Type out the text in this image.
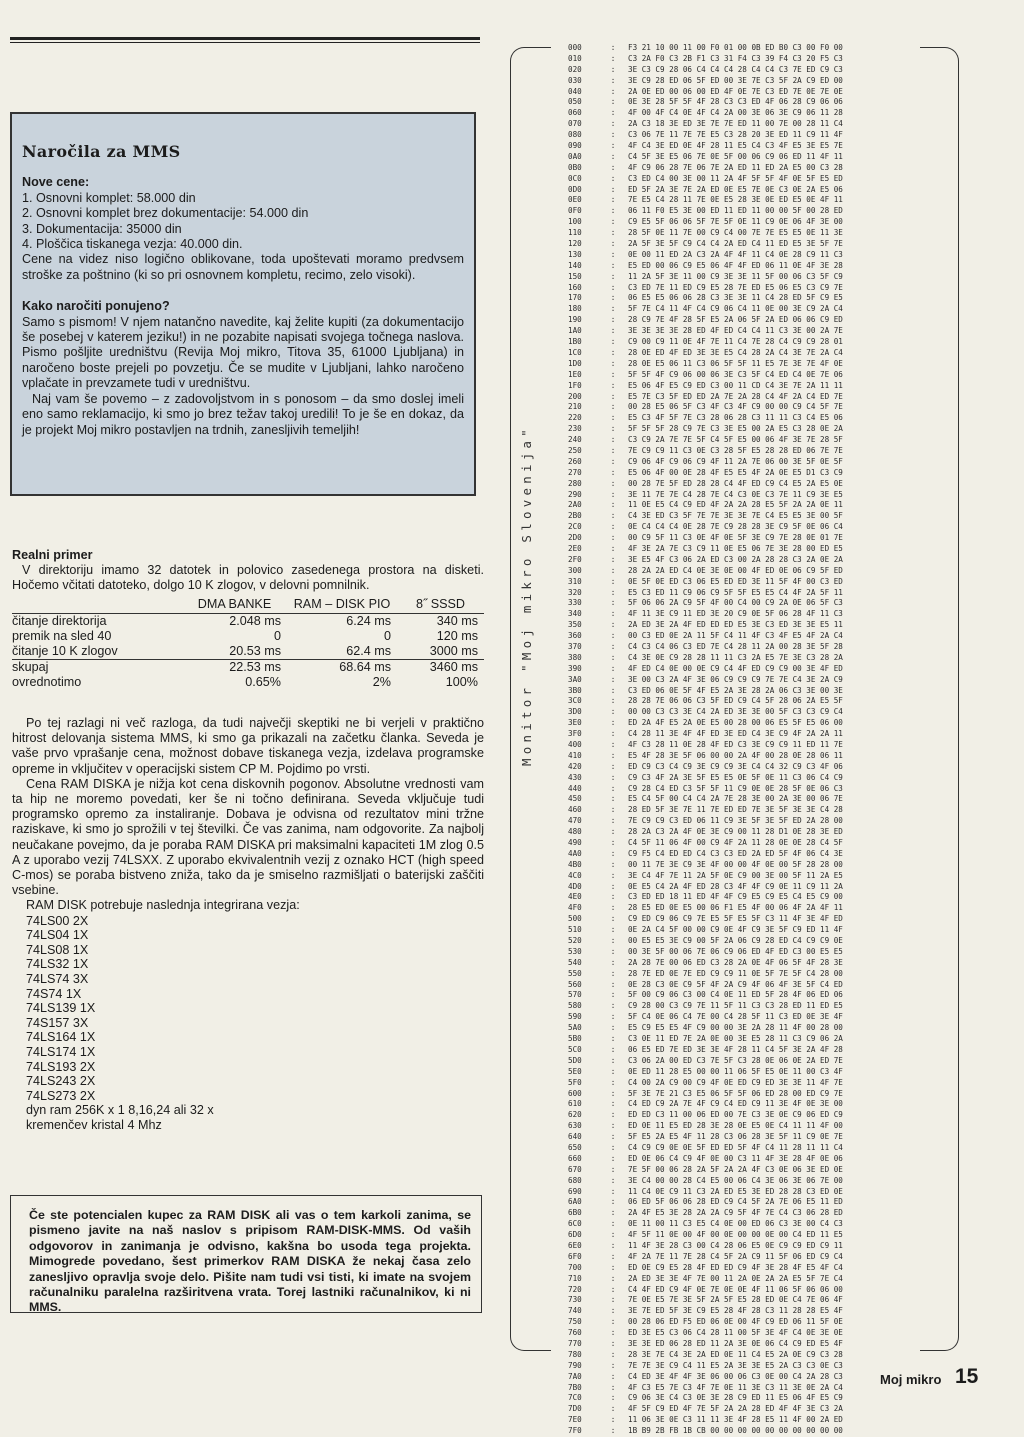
Naročila za MMS
Nove cene:
1. Osnovni komplet: 58.000 din
2. Osnovni komplet brez dokumentacije: 54.000 din
3. Dokumentacija: 35000 din
4. Ploščica tiskanega vezja: 40.000 din.
Cene na videz niso logično oblikovane, toda upoštevati moramo predvsem stroške za poštnino (ki so pri osnovnem kompletu, recimo, zelo visoki).
Kako naročiti ponujeno?
Samo s pismom! V njem natančno navedite, kaj želite kupiti (za dokumentacijo še posebej v katerem jeziku!) in ne pozabite napisati svojega točnega naslova. Pismo pošljite uredništvu (Revija Moj mikro, Titova 35, 61000 Ljubljana) in naročeno boste prejeli po povzetju. Če se mudite v Ljubljani, lahko naročeno vplačate in prevzamete tudi v uredništvu.
Naj vam še povemo – z zadovoljstvom in s ponosom – da smo doslej imeli eno samo reklamacijo, ki smo jo brez težav takoj uredili! To je še en dokaz, da je projekt Moj mikro postavljen na trdnih, zanesljivih temeljih!
Realni primer
V direktoriju imamo 32 datotek in polovico zasedenega prostora na disketi. Hočemo včitati datoteko, dolgo 10 K zlogov, v delovni pomnilnik.
	DMA BANKE	RAM – DISK PIO	8˝ SSSD
čitanje direktorija	2.048 ms	6.24 ms	340 ms
premik na sled 40	0	0	120 ms
čitanje 10 K zlogov	20.53 ms	62.4 ms	3000 ms
skupaj	22.53 ms	68.64 ms	3460 ms
ovrednotimo	0.65%	2%	100%
Po tej razlagi ni več razloga, da tudi največji skeptiki ne bi verjeli v praktično hitrost delovanja sistema MMS, ki smo ga prikazali na začetku članka. Seveda je vaše prvo vprašanje cena, možnost dobave tiskanega vezja, izdelava programske opreme in vključitev v operacijski sistem CP M. Pojdimo po vrsti.
Cena RAM DISKA je nižja kot cena diskovnih pogonov. Absolutne vrednosti vam ta hip ne moremo povedati, ker še ni točno definirana. Seveda vključuje tudi programsko opremo za instaliranje. Dobava je odvisna od rezultatov mini tržne raziskave, ki smo jo sprožili v tej številki. Če vas zanima, nam odgovorite. Za najbolj neučakane povejmo, da je poraba RAM DISKA pri maksimalni kapaciteti 1M zlog 0.5 A z uporabo vezij 74LSXX. Z uporabo ekvivalentnih vezij z oznako HCT (high speed C-mos) se poraba bistveno zniža, tako da je smiselno razmišljati o baterijski zaščiti vsebine.
RAM DISK potrebuje naslednja integrirana vezja:
74LS00 2X
74LS04 1X
74LS08 1X
74LS32 1X
74LS74 3X
74S74 1X
74LS139 1X
74S157 3X
74LS164 1X
74LS174 1X
74LS193 2X
74LS243 2X
74LS273 2X
dyn ram 256K x 1 8,16,24 ali 32 x
kremenčev kristal 4 Mhz
Če ste potencialen kupec za RAM DISK ali vas o tem karkoli zanima, se pismeno javite na naš naslov s pripisom RAM-DISK-MMS. Od vaših odgovorov in zanimanja je odvisno, kakšna bo usoda tega projekta. Mimogrede povedano, šest primerkov RAM DISKA že nekaj časa zelo zanesljivo opravlja svoje delo. Pišite nam tudi vsi tisti, ki imate na svojem računalniku paralelna razširitvena vrata. Torej lastniki računalnikov, ki ni MMS.
Monitor "Moj mikro Slovenija"
000	: F3 21 10 00 11 00 F0 01 00 0B ED B0 C3 00 F0 00
010	: C3 2A F0 C3 2B F1 C3 31 F4 C3 39 F4 C3 20 F5 C3
020	: 3E C3 C9 28 06 C4 C4 C4 28 C4 C4 C3 7E ED C9 C3
030	: 3E C9 28 ED 06 5F ED 00 3E 7E C3 5F 2A C9 ED 00
040	: 2A 0E ED 00 06 00 ED 4F 0E 7E C3 ED 7E 0E 7E 0E
050	: 0E 3E 28 5F 5F 4F 28 C3 C3 ED 4F 06 28 C9 06 06
060	: 4F 00 4F C4 0E 4F C4 2A 00 3E 06 3E C9 06 11 28
070	: 2A C3 18 3E ED 3E 7E 7E ED 11 00 7E 00 28 11 C4
080	: C3 06 7E 11 7E 7E E5 C3 28 20 3E ED 11 C9 11 4F
090	: 4F C4 3E ED 0E 4F 28 11 E5 C4 C3 4F E5 3E E5 7E
0A0	: C4 5F 3E E5 06 7E 0E 5F 00 06 C9 06 ED 11 4F 11
0B0	: 4F C9 06 28 7E 06 7E 2A ED 11 ED 2A E5 00 C3 28
0C0	: C3 ED C4 00 3E 00 11 2A 4F 5F 5F 4F 0E 5F E5 ED
0D0	: ED 5F 2A 3E 7E 2A ED 0E E5 7E 0E C3 0E 2A E5 06
0E0	: 7E E5 C4 28 11 7E 0E E5 28 3E 0E ED E5 0E 4F 11
0F0	: 06 11 F0 E5 3E 00 ED 11 ED 11 00 00 5F 00 28 ED
100	: C9 E5 5F 06 06 5F 7E 5F 0E 11 C9 0E 06 4F 3E 00
110	: 28 5F 0E 11 7E 00 C9 C4 00 7E 7E E5 E5 0E 11 3E
120	: 2A 5F 3E 5F C9 C4 C4 2A ED C4 11 ED E5 3E 5F 7E
130	: 0E 00 11 ED 2A C3 2A 4F 4F 11 C4 0E 28 C9 11 C3
140	: E5 ED 00 06 C9 E5 06 4F 4F ED 06 11 0E 4F 3E 28
150	: 11 2A 5F 3E 11 00 C9 3E 3E 11 5F 00 06 C3 5F C9
160	: C3 ED 7E 11 ED C9 E5 28 7E ED E5 06 E5 C3 C9 7E
170	: 06 E5 E5 06 06 28 C3 3E 3E 11 C4 28 ED 5F C9 E5
180	: 5F 7E C4 11 4F C4 C9 06 C4 11 0E 00 3E C9 2A C4
190	: 28 C9 7E 4F 28 5F E5 2A 06 5F 2A ED 06 06 C9 ED
1A0	: 3E 3E 3E 3E 28 ED 4F ED C4 C4 11 C3 3E 00 2A 7E
1B0	: C9 00 C9 11 0E 4F 7E 11 C4 7E 28 C4 C9 C9 28 01
1C0	: 28 0E ED 4F ED 3E 3E E5 C4 28 2A C4 3E 7E 2A C4
1D0	: 28 0E E5 06 11 C3 06 5F 5F 11 E5 7E 3E 7E 4F 0E
1E0	: 5F 5F 4F C9 06 00 06 3E C3 5F C4 ED C4 0E 7E 06
1F0	: E5 06 4F E5 C9 ED C3 00 11 CD C4 3E 7E 2A 11 11
200	: E5 7E C3 5F ED ED 2A 7E 2A 28 C4 4F 2A C4 ED 7E
210	: 00 28 E5 06 5F C3 4F C3 4F C9 00 00 C9 C4 5F 7E
220	: E5 C3 4F 5F 7E C3 28 06 28 C3 11 11 C3 C4 E5 06
230	: 5F 5F 5F 28 C9 7E C3 3E E5 00 2A E5 C3 28 0E 2A
240	: C3 C9 2A 7E 7E 5F C4 5F E5 00 06 4F 3E 7E 28 5F
250	: 7E C9 C9 11 C3 0E C3 28 5F E5 28 28 ED 06 7E 7E
260	: C9 06 4F C9 06 C9 4F 11 2A 7E 06 00 3E 5F 0E 5F
270	: E5 06 4F 00 0E 28 4F E5 E5 4F 2A 0E E5 D1 C3 C9
280	: 00 28 7E 5F ED 28 28 C4 4F ED C9 C4 E5 2A E5 0E
290	: 3E 11 7E 7E C4 28 7E C4 C3 0E C3 7E 11 C9 3E E5
2A0	: 11 0E E5 C4 C9 ED 4F 2A 2A 28 E5 5F 2A 2A 0E 11
2B0	: C4 3E ED C3 5F 7E 7E 3E 3E 7E C4 E5 E5 3E 00 5F
2C0	: 0E C4 C4 C4 0E 28 7E C9 28 28 3E C9 5F 0E 06 C4
2D0	: 00 C9 5F 11 C3 0E 4F 0E 5F 3E C9 7E 28 0E 01 7E
2E0	: 4F 3E 2A 7E C3 C9 11 0E E5 06 7E 3E 28 00 ED E5
2F0	: 3E E5 4F C3 06 2A ED C3 00 2A 28 28 C3 2A 0E 2A
300	: 28 2A 2A ED C4 0E 3E 0E 00 4F ED 0E 06 C9 5F ED
310	: 0E 5F 0E ED C3 06 E5 ED ED 3E 11 5F 4F 00 C3 ED
320	: E5 C3 ED 11 C9 06 C9 5F 5F E5 E5 C4 4F 2A 5F 11
330	: 5F 06 06 2A C9 5F 4F 00 C4 00 C9 2A 0E 06 5F C3
340	: 4F 11 3E C9 11 ED 3E 20 C9 0E 5F 06 28 4F 11 C3
350	: 2A ED 3E 2A 4F ED ED ED E5 3E C3 ED 3E 3E E5 11
360	: 00 C3 ED 0E 2A 11 5F C4 11 4F C3 4F E5 4F 2A C4
370	: C4 C3 C4 06 C3 ED 7E C4 28 11 2A 00 28 3E 5F 28
380	: C4 3E 0E C9 28 28 11 11 C3 2A E5 7E 3E C3 28 2A
390	: 4F ED C4 0E 00 0E C9 C4 4F ED C9 C9 00 3E 4F ED
3A0	: 3E 00 C3 2A 4F 3E 06 C9 C9 C9 7E 7E C4 3E 2A C9
3B0	: C3 ED 06 0E 5F 4F E5 2A 3E 28 2A 06 C3 3E 00 3E
3C0	: 28 28 7E 06 06 C3 5F ED C9 C4 5F 28 06 2A E5 5F
3D0	: 00 00 C3 C3 3E C4 2A ED 3E 3E 00 5F C3 C3 C9 C4
3E0	: ED 2A 4F E5 2A 0E E5 00 28 00 06 E5 5F E5 06 00
3F0	: C4 28 11 3E 4F 4F ED 3E ED C4 3E C9 4F 2A 2A 11
400	: 4F C3 28 11 0E 28 4F ED C3 3E C9 C9 11 ED 11 7E
410	: E5 4F 28 3E 5F 06 00 00 2A 4F 00 28 0E 28 06 11
420	: ED C9 C3 C4 C9 3E C9 C9 3E C4 C4 32 C9 C3 4F 06
430	: C9 C3 4F 2A 3E 5F E5 E5 0E 5F 0E 11 C3 06 C4 C9
440	: C9 28 C4 ED C3 5F 5F 11 C9 0E 0E 28 5F 0E 06 C3
450	: E5 C4 5F 00 C4 C4 2A 7E 28 3E 00 2A 3E 00 06 7E
460	: 28 ED 5F 3E 7E 11 7E ED ED 7E 3E 5F 3E 3E C4 28
470	: 7E C9 C9 C3 ED 06 11 C9 3E 5F 3E 5F ED 2A 28 00
480	: 28 2A C3 2A 4F 0E 3E C9 00 11 28 D1 0E 28 3E ED
490	: C4 5F 11 06 4F 00 C9 4F 2A 11 28 0E 0E 28 C4 5F
4A0	: C9 F5 C4 ED ED C4 C3 C3 ED 2A ED 5F 4F 06 C4 3E
4B0	: 00 11 7E 3E C9 3E 4F 00 00 4F 0E 00 5F 28 28 00
4C0	: 3E C4 4F 7E 11 2A 5F 0E C9 00 3E 00 5F 11 2A E5
4D0	: 0E E5 C4 2A 4F ED 28 C3 4F 4F C9 0E 11 C9 11 2A
4E0	: C3 ED ED 18 11 ED 4F 4F C9 E5 C9 E5 C4 E5 C9 00
4F0	: 28 E5 ED 0E E5 00 06 F1 E5 4F 00 06 4F 2A 4F 11
500	: C9 ED C9 06 C9 7E E5 5F E5 5F C3 11 4F 3E 4F ED
510	: 0E 2A C4 5F 00 00 C9 0E 4F C9 3E 5F C9 ED 11 4F
520	: 00 E5 E5 3E C9 00 5F 2A 06 C9 28 ED C4 C9 C9 0E
530	: 00 3E 5F 00 06 7E 06 C9 06 ED 4F ED C3 00 E5 E5
540	: 2A 28 7E 00 06 ED C3 28 2A 0E 4F 06 5F 4F 28 3E
550	: 28 7E ED 0E 7E ED C9 C9 11 0E 5F 7E 5F C4 28 00
560	: 0E 28 C3 0E C9 5F 4F 2A C9 4F 06 4F 3E 5F C4 ED
570	: 5F 00 C9 06 C3 00 C4 0E 11 ED 5F 28 4F 06 ED 06
580	: C9 28 00 C3 C9 7E 11 5F 11 C3 C3 28 ED 11 ED E5
590	: 5F C4 0E 06 C4 7E 00 C4 28 5F 11 C3 ED 0E 3E 4F
5A0	: E5 C9 E5 E5 4F C9 00 00 3E 2A 28 11 4F 00 28 00
5B0	: C3 0E 11 ED 7E 2A 0E 00 3E E5 28 11 C3 C9 06 2A
5C0	: 06 E5 ED 7E ED 3E 3E 4F 28 11 C4 5F 3E 2A 4F 28
5D0	: C3 06 2A 00 ED C3 7E 5F C3 28 0E 06 0E 2A ED 7E
5E0	: 0E ED 11 28 E5 00 00 11 06 5F E5 0E 11 00 C3 4F
5F0	: C4 00 2A C9 00 C9 4F 0E ED C9 ED 3E 3E 11 4F 7E
600	: 5F 3E 7E 21 C3 E5 06 5F 5F 06 ED 28 00 ED C9 7E
610	: C4 ED C9 2A 7E 4F C9 C4 ED C9 11 3E 4F 0E 3E 00
620	: ED ED C3 11 00 06 ED 00 7E C3 3E 0E C9 06 ED C9
630	: ED 0E 11 E5 ED 28 3E 28 0E E5 0E C4 11 11 4F 00
640	: 5F E5 2A E5 4F 11 28 C3 06 28 3E 5F 11 C9 0E 7E
650	: C4 C9 C9 0E 0E 5F ED ED 5F 4F C4 11 28 11 11 C4
660	: ED 0E 06 C4 C9 4F 0E 00 C3 11 4F 3E 28 4F 0E 06
670	: 7E 5F 00 06 28 2A 5F 2A 2A 4F C3 0E 06 3E ED 0E
680	: 3E C4 00 00 28 C4 E5 00 06 C4 3E 06 3E 06 7E 00
690	: 11 C4 0E C9 11 C3 2A ED E5 3E ED 28 28 C3 ED 0E
6A0	: 06 ED 5F 06 06 28 ED C9 C4 5F 2A 7E 06 E5 11 ED
6B0	: 2A 4F E5 3E 28 2A 2A C9 5F 4F 7E C4 C3 06 28 ED
6C0	: 0E 11 00 11 C3 E5 C4 0E 00 ED 06 C3 3E 00 C4 C3
6D0	: 4F 5F 11 0E 00 4F 00 0E 00 00 0E 00 C4 ED 11 E5
6E0	: 11 4F 3E 28 C3 00 C4 28 06 E5 0E C9 C9 ED C9 11
6F0	: 4F 2A 7E 11 7E 28 C4 5F 2A C9 11 5F 06 ED C9 C4
700	: ED 0E C9 E5 28 4F ED ED C9 4F 3E 28 4F E5 4F C4
710	: 2A ED 3E 3E 4F 7E 00 11 2A 0E 2A 2A E5 5F 7E C4
720	: C4 4F ED C9 4F 0E 7E 0E 0E 4F 11 06 5F 06 06 00
730	: 7E 0E E5 7E 3E 5F 2A 5F E5 28 ED 0E C4 7E 06 4F
740	: 3E 7E ED 5F 3E C9 E5 28 4F 28 C3 11 28 28 E5 4F
750	: 00 28 06 ED F5 ED 06 0E 00 4F C9 ED 06 11 5F 0E
760	: ED 3E E5 C3 06 C4 28 11 00 5F 3E 4F C4 0E 3E 0E
770	: 3E 3E ED 06 28 ED 11 2A 3E 0E 06 C4 C9 ED E5 4F
780	: 28 3E 7E C4 3E 2A ED 0E 11 C4 E5 2A 0E C9 C3 28
790	: 7E 7E 3E C9 C4 11 E5 2A 3E 3E E5 2A C3 C3 0E C3
7A0	: C4 ED 3E 4F 4F 3E 06 00 06 C3 0E 00 C4 2A 28 C3
7B0	: 4F C3 E5 7E C3 4F 7E 0E 11 3E C3 11 3E 0E 2A C4
7C0	: C9 06 3E C4 C3 0E 3E 28 C9 ED 11 E5 06 4F E5 C9
7D0	: 4F 5F C9 ED 4F 7E 5F 2A 2A 28 ED 4F 4F 3E C3 2A
7E0	: 11 06 3E 0E C3 11 11 3E 4F 28 E5 11 4F 00 2A ED
7F0	: 1B B9 2B FB 1B CB 00 00 00 00 00 00 00 00 00 00
Moj mikro 15
